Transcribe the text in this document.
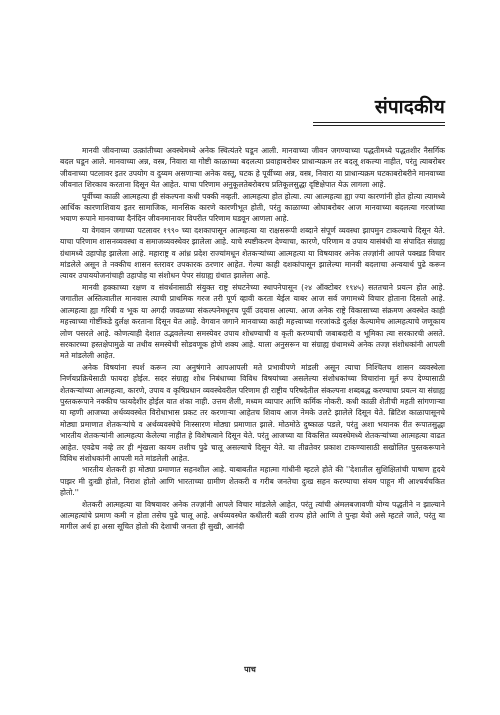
संपादकीय

मानवी जीवनाच्या उत्क्रांतीच्या अवस्थेमध्ये अनेक स्थित्यंतरे घडून आली. मानवाच्या जीवन जगण्याच्या पद्धतीमध्ये पद्धतशीर नैसर्गिक बदल घडून आले. मानवाच्या अन्न, वस्त्र, निवारा या गोष्टी काळाच्या बदलत्या प्रवाहाबरोबर प्राधान्यक्रम तर बदलू शकल्या नाहीत, परंतु त्याबरोबर जीवनाच्या पटलावर इतर उपयोग व दुय्यम असणाऱ्या अनेक वस्तू, घटक हे पूर्वीच्या अन्न, वस्त्र, निवारा या प्राधान्यक्रम घटकाबरोबरीने मानवाच्या जीवनात शिरकाव करताना दिसून येत आहेत. याचा परिणाम अनुकूलतेबरोबरच प्रतिकूलसुद्धा दृष्टिक्षेपात येऊ लागला आहे.

पूर्वीच्या काळी आत्महत्या ही संकल्पना कधी पक्की नव्हती. आत्महत्या होत होत्या. त्या आत्महत्या ह्या ज्या कारणांनी होत होत्या त्यामध्ये आर्थिक कारणाशिवाय इतर सामाजिक, मानसिक कारणे कारणीभूत होती, परंतु काळाच्या ओघाबरोबर आज मानवाच्या बदलत्या गरजांच्या भयाण रूपाने मानवाच्या दैनंदिन जीवनमानावर विपरीत परिणाम घडवून आणला आहे.

या वेगवान जगाच्या पटलावर १९९० च्या दशकापासून आत्महत्या या राक्षसरूपी शब्दाने संपूर्ण व्यवस्था झापमुन टाकल्याचे दिसून येते. याचा परिणाम शासनव्यवस्था व समाजव्यवस्थेवर झालेला आहे. याचे स्पष्टीकरण देण्याचा, कारणे, परिणाम व उपाय यासंबंधी या संपादित संग्राह्य ग्रंथामध्ये उहापोह झालेला आहे. महाराष्ट्र व आंध्र प्रदेश राज्यांमधून शेतकऱ्यांच्या आत्महत्या या विषयावर अनेक तज्ज्ञांनी आपले पक्खड विचार मांडलेले असून ते नक्कीच शासन स्तरावर उपकारक ठरणार आहेत. गेल्या काही दशकांपासून झालेल्या मानवी बदलाचा अन्वयार्थ पुढे करून त्यावर उपाययोजनांचाही उहापोह या संशोधन पेपर संग्राह्य ग्रंथात झालेला आहे.

मानवी हक्काच्या रक्षण व संवर्धनासाठी संयुक्त राष्ट्र संघटनेच्या स्थापनेपासून (२४ ऑक्टोबर १९४५) सततचाने प्रयत्न होत आहे. जगातील अस्तित्वातील मानवास त्याची प्राथमिक गरज तरी पूर्ण व्हावी करता येईल याबर आज सर्व जगामध्ये विचार होताना दिसतो आहे. आत्महत्या ह्या गरिबी व भूक या अगदी जवळच्या संकल्पनेमधूनच पूर्वी उदयास आल्या. आज अनेक राष्ट्रे विकासाच्या संक्रमण अवस्थेत काही महत्त्वाच्या गोष्टींकडे दुर्लक्ष करताना दिसून येत आहे. वेगवान जगाने मानवाच्या काही महत्त्वाच्या गरजांकडे दुर्लक्ष केल्यामेच आत्महत्याचे जणूकाय लोण पसरले आहे. कोणत्याही देशात उद्भवलेल्या समस्येवर उपाय शोधण्याची व कृती करण्याची जबाबदारी व भूमिका त्या सरकारची असते. सरकारच्या हस्तक्षेपामुळे या तथीव समस्येची सोडवणूक होणे शक्य आहे. याला अनुसरून या संग्राह्य ग्रंथामध्ये अनेक तज्ज्ञ संशोधकांनी आपली मते मांडलेली आहेत.

अनेक विषयांना स्पर्श करून त्या अनुषंगाने आपआपली मते प्रभावीपणे मांडली असून त्याचा निश्चितच शासन व्यवस्थेला निर्णयप्रक्रियेसाठी फायदा होईल. सदर संग्राह्य शोध निबंधाच्या विविध विषयांच्या असलेल्या संशोधकांच्या विचारांना मूर्त रूप देण्यासाठी शेतकऱ्यांच्या आत्महत्या, कारणे, उपाय व कृषिप्रधान व्यवस्थेवरील परिणाम ही राष्ट्रीय परिषदेतील संकल्पना शब्दबद्ध करण्याचा प्रयत्न या संग्राह्य पुस्तकरूपाने नक्कीच फायदेशीर होईल यात शंका नाही. उत्तम शैली, मध्यम व्यापार आणि कर्मिक नोकरी. कधी काळी शेतीची महती सांगणाऱ्या या म्हणी आजच्या अर्थव्यवस्थेत विरोधाभास प्रकट तर करणाऱ्या आहेतच शिवाय आज नेमके उलटे झालेले दिसून येते. ब्रिटिश काळापासूनचे मोठ्या प्रमाणात शेतकऱ्यांचे व अर्थव्यवस्थेचे निःस्सारण मोठ्या प्रमाणात झाले. मोठमोठे दुष्काळ पडले, परंतु अशा भयानक रीत रूपातसुद्धा भारतीय शेतकऱ्यांनी आत्महत्या केलेल्या नाहीत हे विशेषत्वाने दिसून येते. परंतु आजच्या या विकसित व्यवस्थेमध्ये शेतकऱ्यांच्या आत्महत्या वाढत आहेत. एवढेच नव्हे तर ही शृंखला कायम तशीच पुढे चालू असल्याचे दिसून येते. या तीव्रतेवर प्रकाश टाकण्यासाठी सखोलित पुस्तकरूपाने विविध संशोधकांनी आपली मते मांडलेली आहेत.

भारतीय शेतकरी हा मोठ्या प्रमाणात सहनशील आहे. याबाबतीत महात्मा गांधीनी म्हटले होते की ''देशातील सुशिक्षितांची पाषाण हृदये पाझर मी दुःखी होतो, निराश होतो आणि भारताच्या ग्रामीण शेतकरी व गरीब जनतेचा दुःख सहन करण्याचा संयम पाहून मी आश्चर्यचकित होतो.''

शेतकरी आत्महत्या या विषयावर अनेक तज्ज्ञांनी आपले विचार मांडलेले आहेत, परंतु त्यांची अंमलबजावणी योग्य पद्धतीने न झाल्याने आत्महत्यांचे प्रमाण कमी न होता तसेच पुढे चालू आहे. अर्थव्यवस्थेत कधीतरी बळी राज्य होते आणि ते पुन्हा येवो असे म्हटले जाते, परंतु या मागील अर्थ हा असा सूचित होतो की देशाची जनता ही सुखी, आनंदी

पाच
